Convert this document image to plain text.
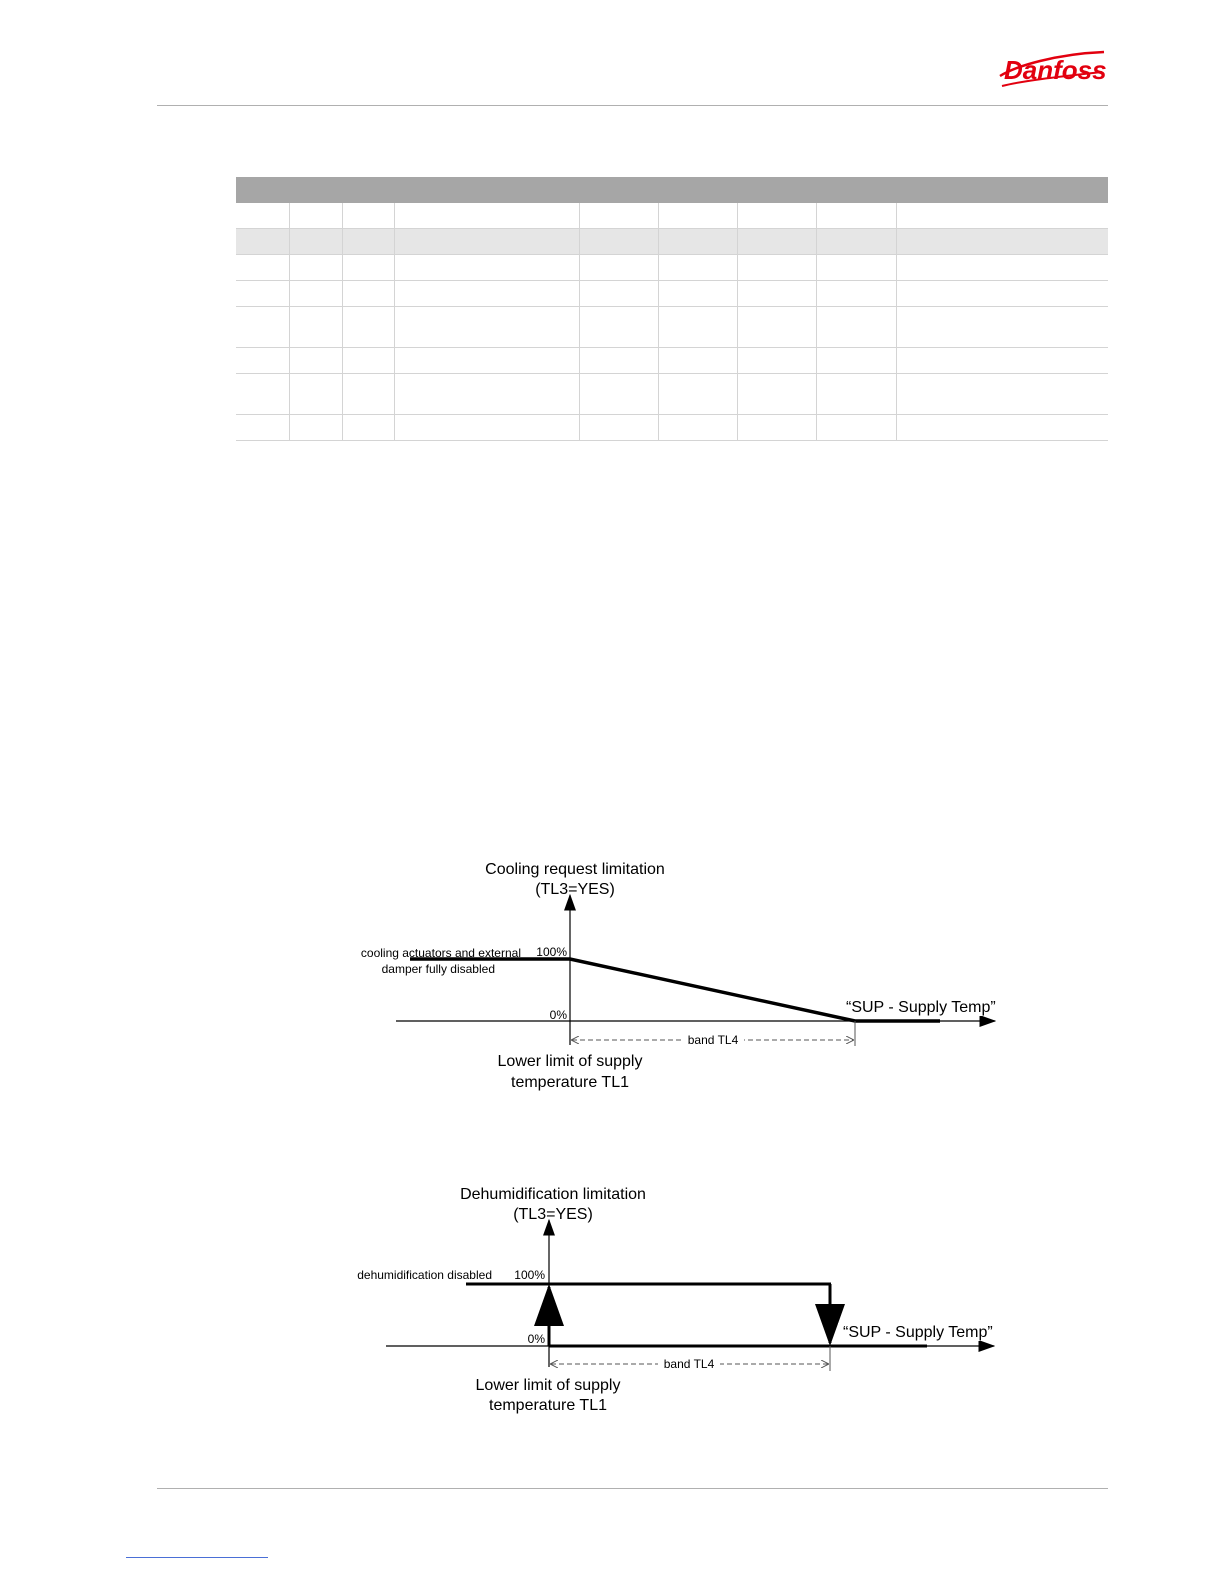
Danfoss
Cooling request limitation
(TL3=YES)
100%
0%
cooling actuators and external
damper fully disabled
band TL4
“SUP - Supply Temp”
Lower limit of supply
temperature TL1
Dehumidification limitation
(TL3=YES)
100%
0%
dehumidification disabled
band TL4
“SUP - Supply Temp”
Lower limit of supply
temperature TL1
